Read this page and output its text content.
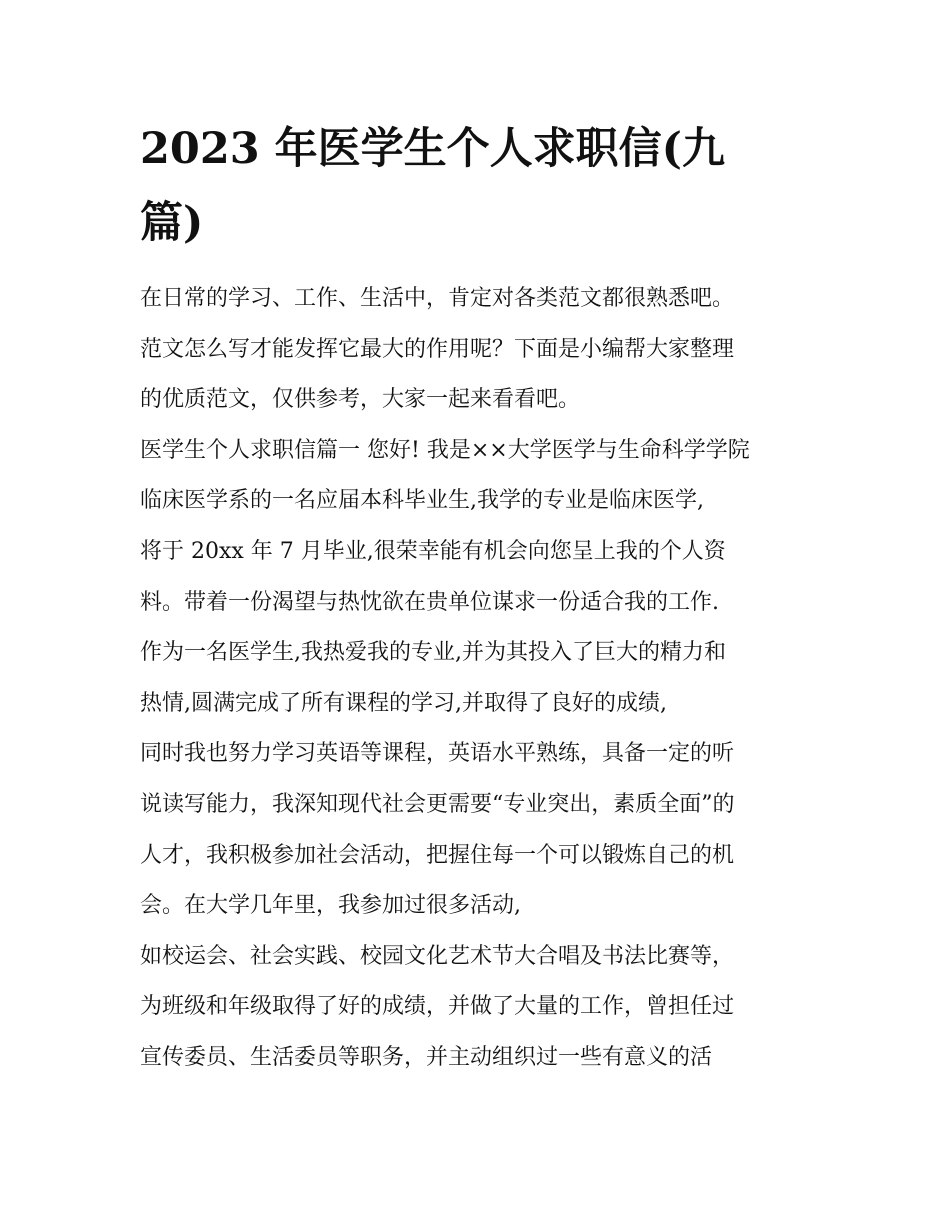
2023 年医学生个人求职信(九
篇)
在日常的学习、工作、生活中，肯定对各类范文都很熟悉吧。
范文怎么写才能发挥它最大的作用呢？下面是小编帮大家整理
的优质范文，仅供参考，大家一起来看看吧。
医学生个人求职信篇一 您好! 我是××大学医学与生命科学学院
临床医学系的一名应届本科毕业生,我学的专业是临床医学,
将于 20xx 年 7 月毕业,很荣幸能有机会向您呈上我的个人资
料。带着一份渴望与热忱欲在贵单位谋求一份适合我的工作.
作为一名医学生,我热爱我的专业,并为其投入了巨大的精力和
热情,圆满完成了所有课程的学习,并取得了良好的成绩,
同时我也努力学习英语等课程，英语水平熟练，具备一定的听
说读写能力，我深知现代社会更需要“专业突出，素质全面”的
人才，我积极参加社会活动，把握住每一个可以锻炼自己的机
会。在大学几年里，我参加过很多活动,
如校运会、社会实践、校园文化艺术节大合唱及书法比赛等，
为班级和年级取得了好的成绩，并做了大量的工作，曾担任过
宣传委员、生活委员等职务，并主动组织过一些有意义的活
